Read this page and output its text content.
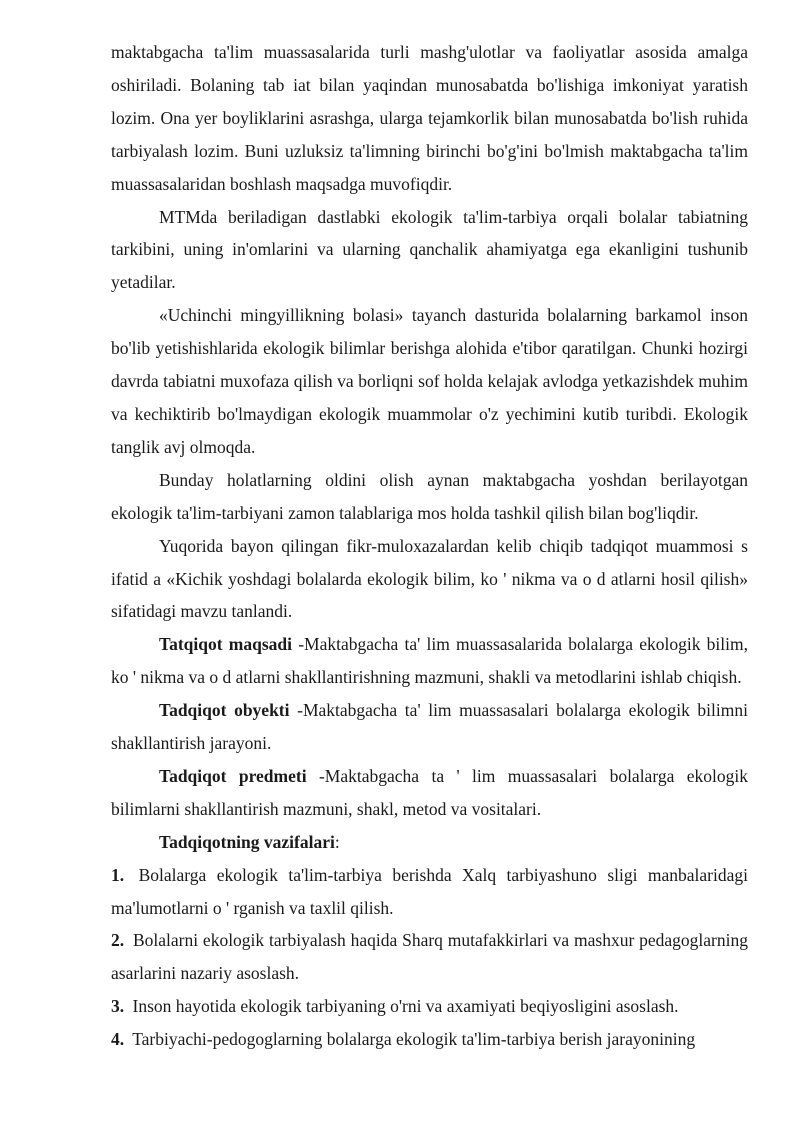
maktabgacha ta'lim muassasalarida turli mashg'ulotlar va faoliyatlar asosida amalga oshiriladi. Bolaning tab iat bilan yaqindan munosabatda bo'lishiga imkoniyat yaratish lozim. Ona yer boyliklarini asrashga, ularga tejamkorlik bilan munosabatda bo'lish ruhida tarbiyalash lozim. Buni uzluksiz ta'limning birinchi bo'g'ini bo'lmish maktabgacha ta'lim muassasalaridan boshlash maqsadga muvofiqdir.

MTMda beriladigan dastlabki ekologik ta'lim-tarbiya orqali bolalar tabiatning tarkibini, uning in'omlarini va ularning qanchalik ahamiyatga ega ekanligini tushunib yetadilar.

«Uchinchi mingyillikning bolasi» tayanch dasturida bolalarning barkamol inson bo'lib yetishishlarida ekologik bilimlar berishga alohida e'tibor qaratilgan. Chunki hozirgi davrda tabiatni muxofaza qilish va borliqni sof holda kelajak avlodga yetkazishdek muhim va kechiktirib bo'lmaydigan ekologik muammolar o'z yechimini kutib turibdi. Ekologik tanglik avj olmoqda.

Bunday holatlarning oldini olish aynan maktabgacha yoshdan berilayotgan ekologik ta'lim-tarbiyani zamon talablariga mos holda tashkil qilish bilan bog'liqdir.

Yuqorida bayon qilingan fikr-muloxazalardan kelib chiqib tadqiqot muammosi s ifatid a «Kichik yoshdagi bolalarda ekologik bilim, ko ' nikma va o d atlarni hosil qilish» sifatidagi mavzu tanlandi.

Tatqiqot maqsadi -Maktabgacha ta' lim muassasalarida bolalarga ekologik bilim, ko ' nikma va o d atlarni shakllantirishning mazmuni, shakli va metodlarini ishlab chiqish.

Tadqiqot obyekti -Maktabgacha ta' lim muassasalari bolalarga ekologik bilimni shakllantirish jarayoni.

Tadqiqot predmeti -Maktabgacha ta ' lim muassasalari bolalarga ekologik bilimlarni shakllantirish mazmuni, shakl, metod va vositalari.

Tadqiqotning vazifalari:

1. Bolalarga ekologik ta'lim-tarbiya berishda Xalq tarbiyashuno sligi manbalaridagi ma'lumotlarni o ' rganish va taxlil qilish.

2. Bolalarni ekologik tarbiyalash haqida Sharq mutafakkirlari va mashxur pedagoglarning asarlarini nazariy asoslash.

3. Inson hayotida ekologik tarbiyaning o'rni va axamiyati beqiyosligini asoslash.

4. Tarbiyachi-pedogoglarning bolalarga ekologik ta'lim-tarbiya berish jarayonining
